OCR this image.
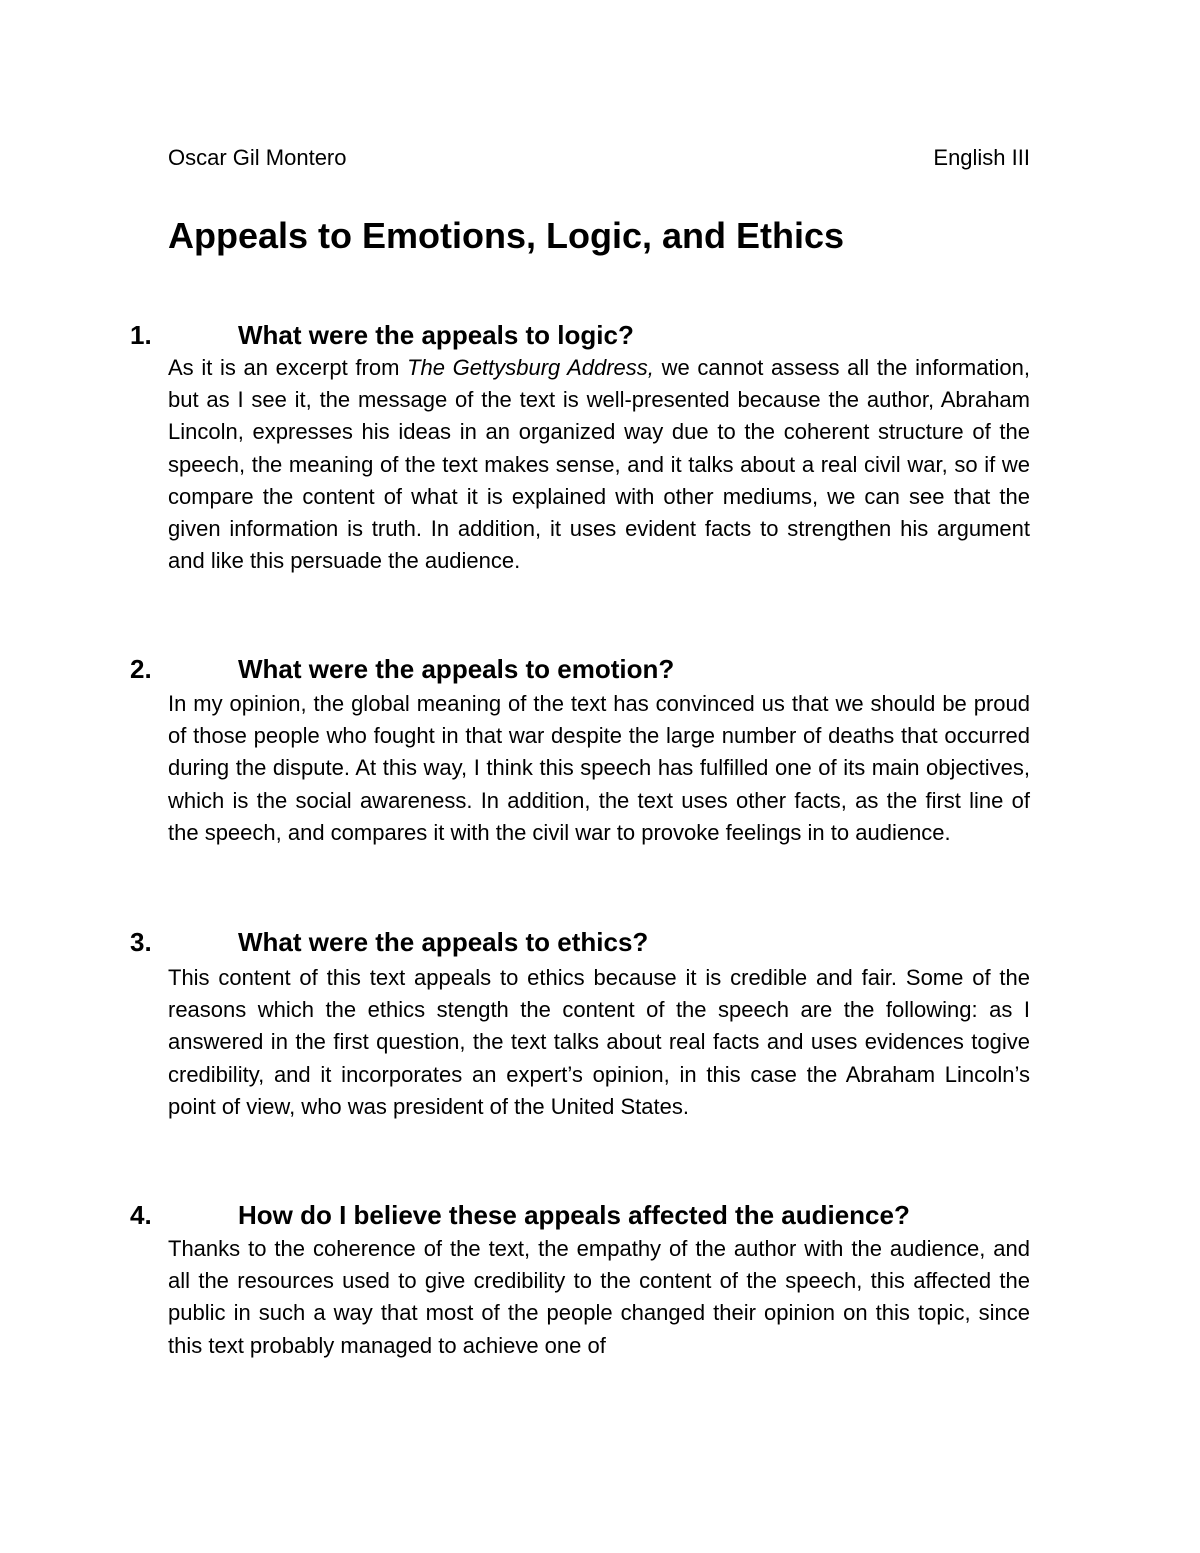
Oscar Gil Montero	English III
Appeals to Emotions, Logic, and Ethics
1.	What were the appeals to logic?

As it is an excerpt from The Gettysburg Address, we cannot assess all the information, but as I see it, the message of the text is well-presented because the author, Abraham Lincoln, expresses his ideas in an organized way due to the coherent structure of the speech, the meaning of the text makes sense, and it talks about a real civil war, so if we compare the content of what it is explained with other mediums, we can see that the given information is truth. In addition, it uses evident facts to strengthen his argument and like this persuade the audience.

2.	What were the appeals to emotion?

In my opinion, the global meaning of the text has convinced us that we should be proud of those people who fought in that war despite the large number of deaths that occurred during the dispute. At this way, I think this speech has fulfilled one of its main objectives, which is the social awareness. In addition, the text uses other facts, as the first line of the speech, and compares it with the civil war to provoke feelings in to audience.

3.	What were the appeals to ethics?

This content of this text appeals to ethics because it is credible and fair. Some of the reasons which the ethics stength the content of the speech are the following: as I answered in the first question, the text talks about real facts and uses evidences togive credibility, and it incorporates an expert’s opinion, in this case the Abraham Lincoln’s point of view, who was president of the United States.

4.	How do I believe these appeals affected the audience?

Thanks to the coherence of the text, the empathy of the author with the audience, and all the resources used to give credibility to the content of the speech, this affected the public in such a way that most of the people changed their opinion on this topic, since this text probably managed to achieve one of
